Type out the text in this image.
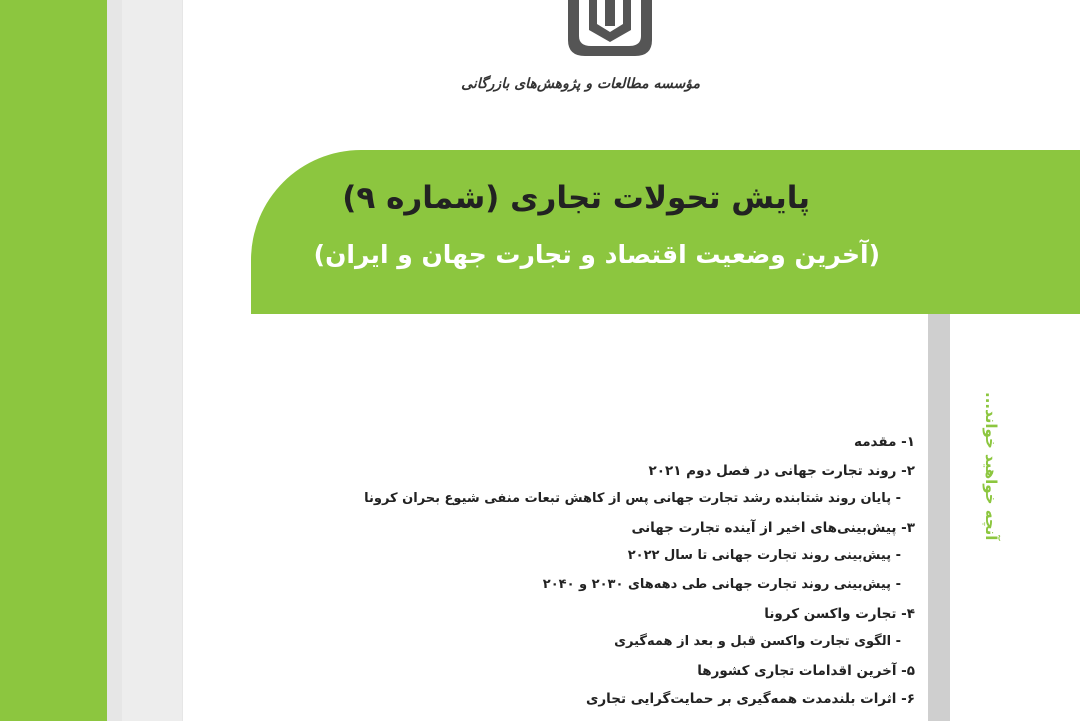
مؤسسه مطالعات و پژوهش‌های بازرگانی
پایش تحولات تجاری (شماره ۹)
(آخرین وضعیت اقتصاد و تجارت جهان و ایران)
آنچه خواهید خواند...
۱- مقدمه
۲- روند تجارت جهانی در فصل دوم ۲۰۲۱
- پایان روند شتابنده رشد تجارت جهانی پس از کاهش تبعات منفی شیوع بحران کرونا
۳- پیش‌بینی‌های اخیر از آینده تجارت جهانی
- پیش‌بینی روند تجارت جهانی تا سال ۲۰۲۲
- پیش‌بینی روند تجارت جهانی طی دهه‌های ۲۰۳۰ و ۲۰۴۰
۴- تجارت واکسن کرونا
- الگوی تجارت واکسن قبل و بعد از همه‌گیری
۵- آخرین اقدامات تجاری کشورها
۶- اثرات بلندمدت همه‌گیری بر حمایت‌گرایی تجاری
